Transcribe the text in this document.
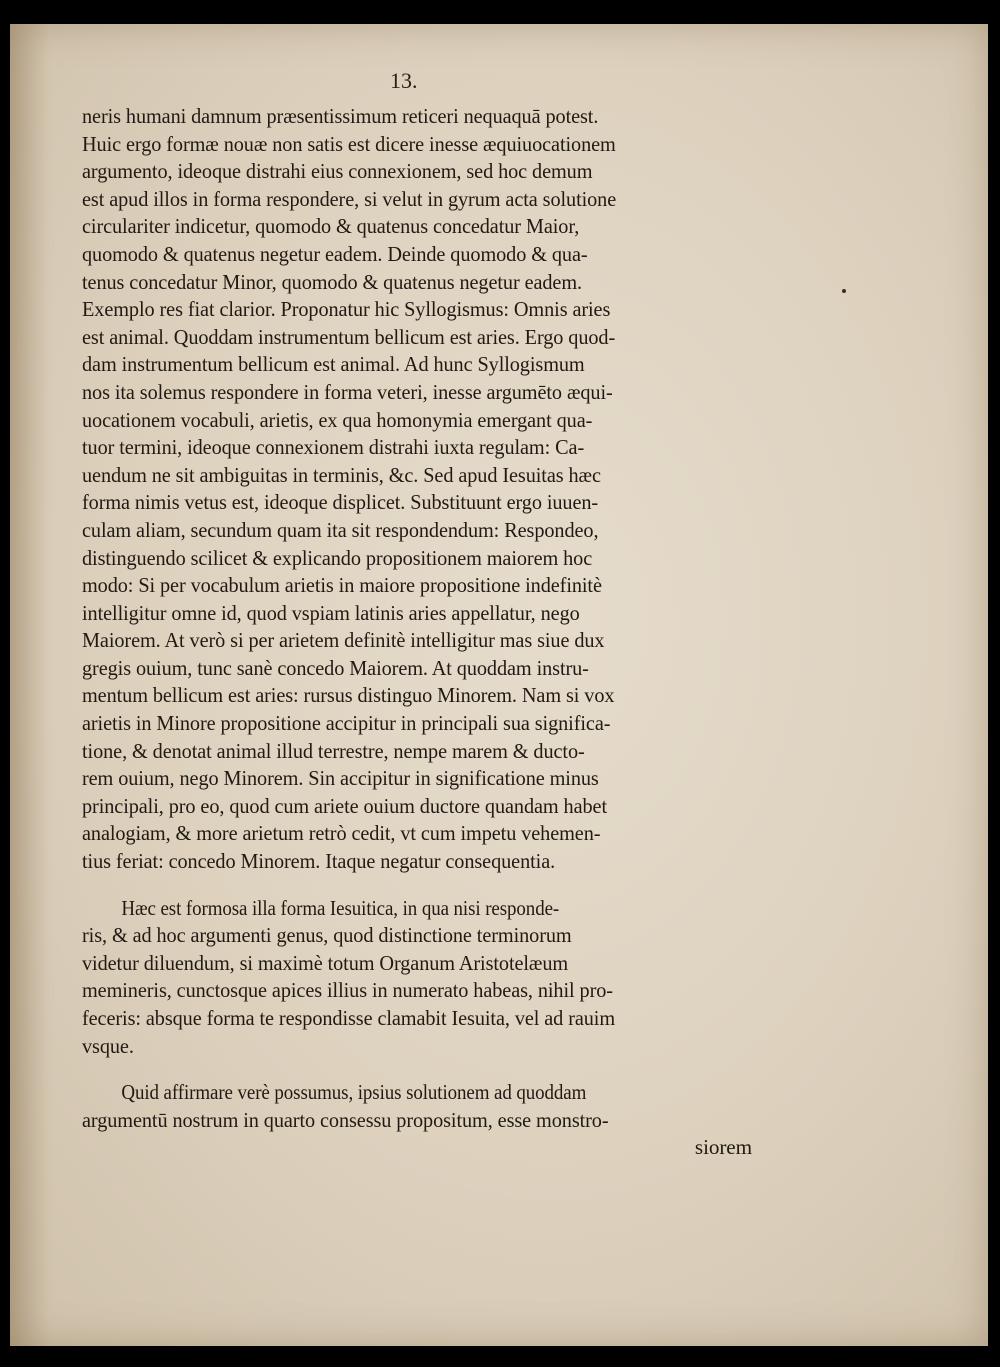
13.
neris humani damnum præsentissimum reticeri nequaquā potest.
Huic ergo formæ nouæ non satis est dicere inesse æquiuocationem
argumento, ideoque distrahi eius connexionem, sed hoc demum
est apud illos in forma respondere, si velut in gyrum acta solutione
circulariter indicetur, quomodo & quatenus concedatur Maior,
quomodo & quatenus negetur eadem. Deinde quomodo & qua-
tenus concedatur Minor, quomodo & quatenus negetur eadem.
Exemplo res fiat clarior. Proponatur hic Syllogismus: Omnis aries
est animal. Quoddam instrumentum bellicum est aries. Ergo quod-
dam instrumentum bellicum est animal. Ad hunc Syllogismum
nos ita solemus respondere in forma veteri, inesse argumēto æqui-
uocationem vocabuli, arietis, ex qua homonymia emergant qua-
tuor termini, ideoque connexionem distrahi iuxta regulam: Ca-
uendum ne sit ambiguitas in terminis, &c. Sed apud Iesuitas hæc
forma nimis vetus est, ideoque displicet. Substituunt ergo iuuen-
culam aliam, secundum quam ita sit respondendum: Respondeo,
distinguendo scilicet & explicando propositionem maiorem hoc
modo: Si per vocabulum arietis in maiore propositione indefinitè
intelligitur omne id, quod vspiam latinis aries appellatur, nego
Maiorem. At verò si per arietem definitè intelligitur mas siue dux
gregis ouium, tunc sanè concedo Maiorem. At quoddam instru-
mentum bellicum est aries: rursus distinguo Minorem. Nam si vox
arietis in Minore propositione accipitur in principali sua significa-
tione, & denotat animal illud terrestre, nempe marem & ducto-
rem ouium, nego Minorem. Sin accipitur in significatione minus
principali, pro eo, quod cum ariete ouium ductore quandam habet
analogiam, & more arietum retrò cedit, vt cum impetu vehemen-
tius feriat: concedo Minorem. Itaque negatur consequentia.
Hæc est formosa illa forma Iesuitica, in qua nisi responde-
ris, & ad hoc argumenti genus, quod distinctione terminorum
videtur diluendum, si maximè totum Organum Aristotelæum
memineris, cunctosque apices illius in numerato habeas, nihil pro-
feceris: absque forma te respondisse clamabit Iesuita, vel ad rauim
vsque.
Quid affirmare verè possumus, ipsius solutionem ad quoddam
argumentū nostrum in quarto consessu propositum, esse monstro-
siorem
